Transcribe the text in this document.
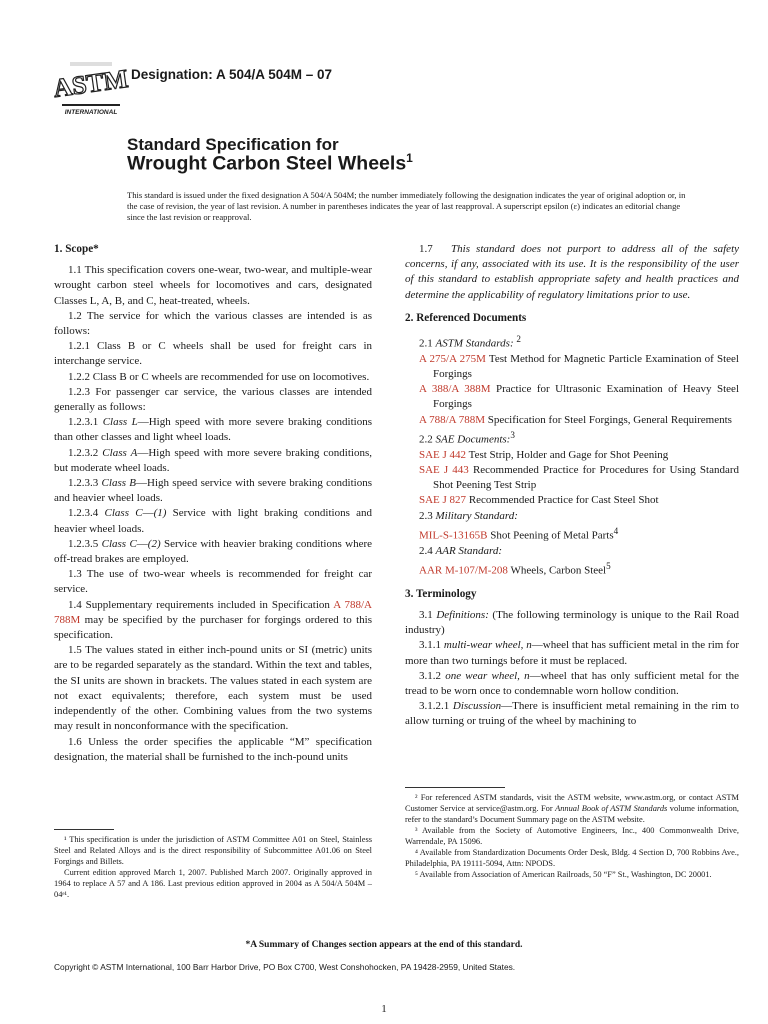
ASTM
INTERNATIONAL
Designation: A 504/A 504M – 07
Standard Specification for
Wrought Carbon Steel Wheels$^1$
This standard is issued under the fixed designation A 504/A 504M; the number immediately following the designation indicates the year of original adoption or, in the case of revision, the year of last revision. A number in parentheses indicates the year of last reapproval. A superscript epsilon (ε) indicates an editorial change since the last revision or reapproval.
1. Scope*

1.1 This specification covers one-wear, two-wear, and multiple-wear wrought carbon steel wheels for locomotives and cars, designated Classes L, A, B, and C, heat-treated, wheels.

1.2 The service for which the various classes are intended is as follows:

1.2.1 Class B or C wheels shall be used for freight cars in interchange service.

1.2.2 Class B or C wheels are recommended for use on locomotives.

1.2.3 For passenger car service, the various classes are intended generally as follows:

1.2.3.1 Class L—High speed with more severe braking conditions than other classes and light wheel loads.

1.2.3.2 Class A—High speed with more severe braking conditions, but moderate wheel loads.

1.2.3.3 Class B—High speed service with severe braking conditions and heavier wheel loads.

1.2.3.4 Class C—(1) Service with light braking conditions and heavier wheel loads.

1.2.3.5 Class C—(2) Service with heavier braking conditions where off-tread brakes are employed.

1.3 The use of two-wear wheels is recommended for freight car service.

1.4 Supplementary requirements included in Specification A 788/A 788M may be specified by the purchaser for forgings ordered to this specification.

1.5 The values stated in either inch-pound units or SI (metric) units are to be regarded separately as the standard. Within the text and tables, the SI units are shown in brackets. The values stated in each system are not exact equivalents; therefore, each system must be used independently of the other. Combining values from the two systems may result in nonconformance with the specification.

1.6 Unless the order specifies the applicable “M” specification designation, the material shall be furnished to the inch-pound units

¹ This specification is under the jurisdiction of ASTM Committee A01 on Steel, Stainless Steel and Related Alloys and is the direct responsibility of Subcommittee A01.06 on Steel Forgings and Billets.

Current edition approved March 1, 2007. Published March 2007. Originally approved in 1964 to replace A 57 and A 186. Last previous edition approved in 2004 as A 504/A 504M – 04ᵉ¹.

1.7 This standard does not purport to address all of the safety concerns, if any, associated with its use. It is the responsibility of the user of this standard to establish appropriate safety and health practices and determine the applicability of regulatory limitations prior to use.

2. Referenced Documents

2.1 ASTM Standards: $^2$

A 275/A 275M Test Method for Magnetic Particle Examination of Steel Forgings

A 388/A 388M Practice for Ultrasonic Examination of Heavy Steel Forgings

A 788/A 788M Specification for Steel Forgings, General Requirements

2.2 SAE Documents:$^3$

SAE J 442 Test Strip, Holder and Gage for Shot Peening

SAE J 443 Recommended Practice for Procedures for Using Standard Shot Peening Test Strip

SAE J 827 Recommended Practice for Cast Steel Shot

2.3 Military Standard:

MIL-S-13165B Shot Peening of Metal Parts$^4$

2.4 AAR Standard:

AAR M-107/M-208 Wheels, Carbon Steel$^5$

3. Terminology

3.1 Definitions: (The following terminology is unique to the Rail Road industry)

3.1.1 multi-wear wheel, n—wheel that has sufficient metal in the rim for more than two turnings before it must be replaced.

3.1.2 one wear wheel, n—wheel that has only sufficient metal for the tread to be worn once to condemnable worn hollow condition.

3.1.2.1 Discussion—There is insufficient metal remaining in the rim to allow turning or truing of the wheel by machining to

² For referenced ASTM standards, visit the ASTM website, www.astm.org, or contact ASTM Customer Service at service@astm.org. For Annual Book of ASTM Standards volume information, refer to the standard’s Document Summary page on the ASTM website.

³ Available from the Society of Automotive Engineers, Inc., 400 Commonwealth Drive, Warrendale, PA 15096.

⁴ Available from Standardization Documents Order Desk, Bldg. 4 Section D, 700 Robbins Ave., Philadelphia, PA 19111-5094, Attn: NPODS.

⁵ Available from Association of American Railroads, 50 “F” St., Washington, DC 20001.

*A Summary of Changes section appears at the end of this standard.
Copyright © ASTM International, 100 Barr Harbor Drive, PO Box C700, West Conshohocken, PA 19428-2959, United States.
1
